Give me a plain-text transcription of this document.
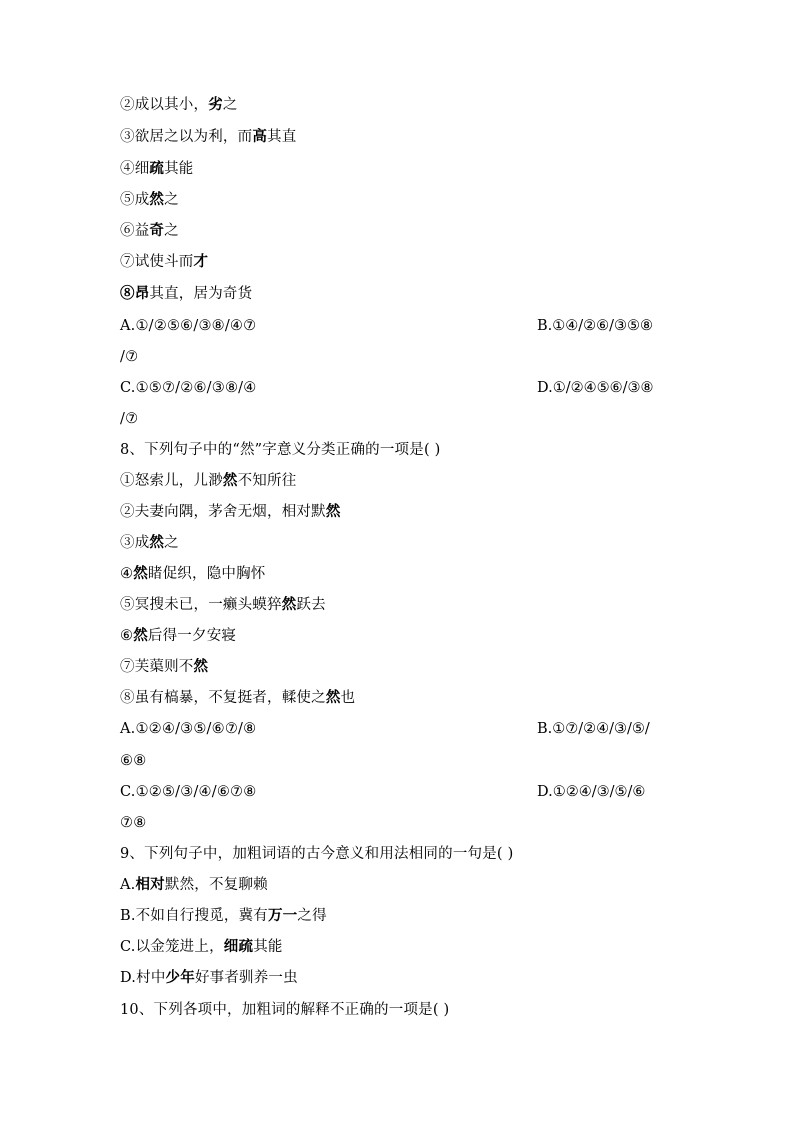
②成以其小，劣之
③欲居之以为利，而高其直
④细疏其能
⑤成然之
⑥益奇之
⑦试使斗而才
⑧昂其直，居为奇货
A.①/②⑤⑥/③⑧/④⑦	B.①④/②⑥/③⑤⑧
/⑦
C.①⑤⑦/②⑥/③⑧/④	D.①/②④⑤⑥/③⑧
/⑦
8、下列句子中的“然”字意义分类正确的一项是( )
①怒索儿，儿渺然不知所往
②夫妻向隅，茅舍无烟，相对默然
③成然之
④然睹促织，隐中胸怀
⑤冥搜未已，一癞头蟆猝然跃去
⑥然后得一夕安寝
⑦芙蕖则不然
⑧虽有槁暴，不复挺者，輮使之然也
A.①②④/③⑤/⑥⑦/⑧	B.①⑦/②④/③/⑤/
⑥⑧
C.①②⑤/③/④/⑥⑦⑧	D.①②④/③/⑤/⑥
⑦⑧
9、下列句子中，加粗词语的古今意义和用法相同的一句是( )
A.相对默然，不复聊赖
B.不如自行搜觅，冀有万一之得
C.以金笼进上，细疏其能
D.村中少年好事者驯养一虫
10、下列各项中，加粗词的解释不正确的一项是( )
